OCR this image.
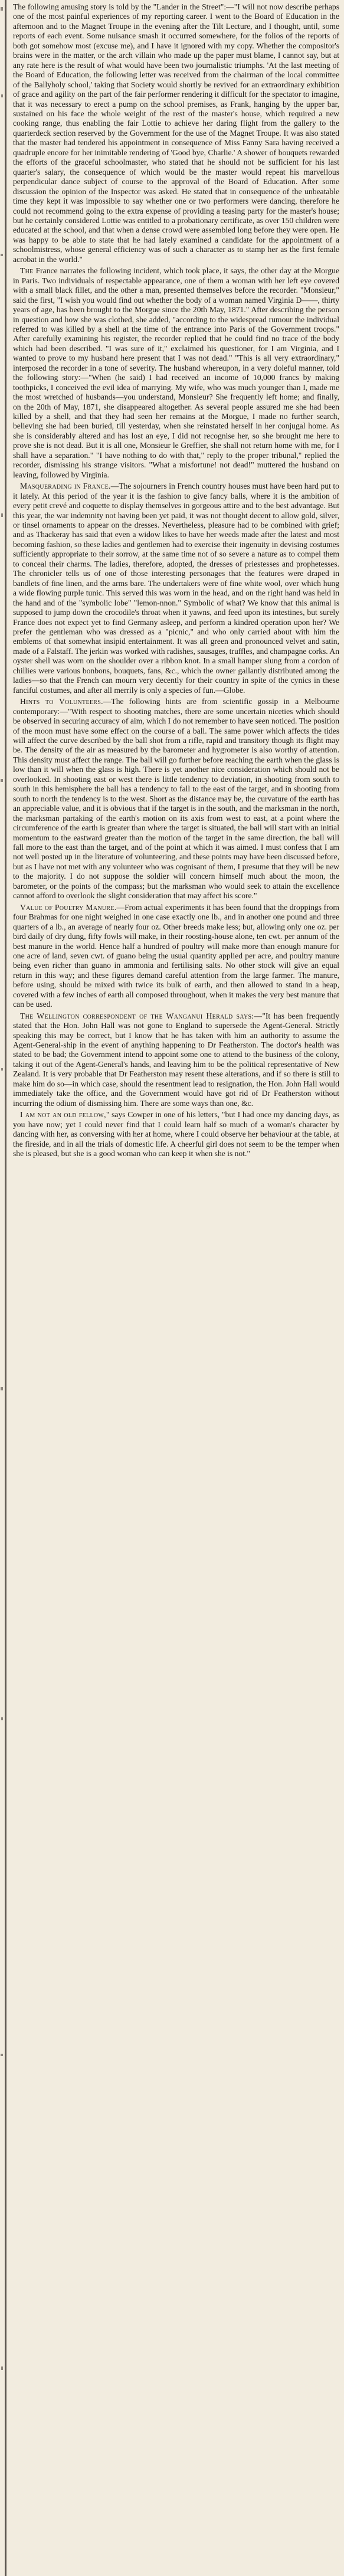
The following amusing story is told by the "Lander in the Street":—"I will not now describe perhaps one of the most painful experiences of my reporting career. I went to the Board of Education in the afternoon and to the Magnet Troupe in the evening after the Tilt Lecture, and I thought, until, some reports of each event. Some nuisance smash it occurred somewhere, for the folios of the reports of both got somehow most (excuse me), and I have it ignored with my copy. Whether the compositor's brains were in the matter, or the arch villain who made up the paper must blame, I cannot say, but at any rate here is the result of what would have been two journalistic triumphs. 'At the last meeting of the Board of Education, the following letter was received from the chairman of the local committee of the Ballyholy school,' taking that Society would shortly be revived for an extraordinary exhibition of grace and agility on the part of the fair performer rendering it difficult for the spectator to imagine, that it was necessary to erect a pump on the school premises, as Frank, hanging by the upper bar, sustained on his face the whole weight of the rest of the master's house, which required a new cooking range, thus enabling the fair Lottie to achieve her daring flight from the gallery to the quarterdeck section reserved by the Government for the use of the Magnet Troupe. It was also stated that the master had tendered his appointment in consequence of Miss Fanny Sara having received a quadruple encore for her inimitable rendering of 'Good bye, Charlie.' A shower of bouquets rewarded the efforts of the graceful schoolmaster, who stated that he should not be sufficient for his last quarter's salary, the consequence of which would be the master would repeat his marvellous perpendicular dance subject of course to the approval of the Board of Education. After some discussion the opinion of the Inspector was asked. He stated that in consequence of the unbeatable time they kept it was impossible to say whether one or two performers were dancing, therefore he could not recommend going to the extra expense of providing a teasing party for the master's house; but he certainly considered Lottie was entitled to a probationary certificate, as over 150 children were educated at the school, and that when a dense crowd were assembled long before they were open. He was happy to be able to state that he had lately examined a candidate for the appointment of a schoolmistress, whose general efficiency was of such a character as to stamp her as the first female acrobat in the world."

The France narrates the following incident, which took place, it says, the other day at the Morgue in Paris. Two individuals of respectable appearance, one of them a woman with her left eye covered with a small black fillet, and the other a man, presented themselves before the recorder. "Monsieur," said the first, "I wish you would find out whether the body of a woman named Virginia D——, thirty years of age, has been brought to the Morgue since the 20th May, 1871." After describing the person in question and how she was clothed, she added, "according to the widespread rumour the individual referred to was killed by a shell at the time of the entrance into Paris of the Government troops." After carefully examining his register, the recorder replied that he could find no trace of the body which had been described. "I was sure of it," exclaimed his questioner, for I am Virginia, and I wanted to prove to my husband here present that I was not dead." "This is all very extraordinary," interposed the recorder in a tone of severity. The husband whereupon, in a very doleful manner, told the following story:—"When (he said) I had received an income of 10,000 francs by making toothpicks, I conceived the evil idea of marrying. My wife, who was much younger than I, made me the most wretched of husbands—you understand, Monsieur? She frequently left home; and finally, on the 20th of May, 1871, she disappeared altogether. As several people assured me she had been killed by a shell, and that they had seen her remains at the Morgue, I made no further search, believing she had been buried, till yesterday, when she reinstated herself in her conjugal home. As she is considerably altered and has lost an eye, I did not recognise her, so she brought me here to prove she is not dead. But it is all one, Monsieur le Greffier, she shall not return home with me, for I shall have a separation." "I have nothing to do with that," reply to the proper tribunal," replied the recorder, dismissing his strange visitors. "What a misfortune! not dead!" muttered the husband on leaving, followed by Virginia.

Masquerading in France.—The sojourners in French country houses must have been hard put to it lately. At this period of the year it is the fashion to give fancy balls, where it is the ambition of every petit crevé and coquette to display themselves in gorgeous attire and to the best advantage. But this year, the war indemnity not having been yet paid, it was not thought decent to allow gold, silver, or tinsel ornaments to appear on the dresses. Nevertheless, pleasure had to be combined with grief; and as Thackeray has said that even a widow likes to have her weeds made after the latest and most becoming fashion, so these ladies and gentlemen had to exercise their ingenuity in devising costumes sufficiently appropriate to their sorrow, at the same time not of so severe a nature as to compel them to conceal their charms. The ladies, therefore, adopted, the dresses of priestesses and prophetesses. The chronicler tells us of one of those interesting personages that the features were draped in bandlets of fine linen, and the arms bare. The undertakers were of fine white wool, over which hung a wide flowing purple tunic. This served this was worn in the head, and on the right hand was held in the hand and of the "symbolic lobe" "lemon-nnon." Symbolic of what? We know that this animal is supposed to jump down the crocodile's throat when it yawns, and feed upon its intestines, but surely France does not expect yet to find Germany asleep, and perform a kindred operation upon her? We prefer the gentleman who was dressed as a "picnic," and who only carried about with him the emblems of that somewhat insipid entertainment. It was all green and pronounced velvet and satin, made of a Falstaff. The jerkin was worked with radishes, sausages, truffles, and champagne corks. An oyster shell was worn on the shoulder over a ribbon knot. In a small hamper slung from a cordon of chillies were various bonbons, bouquets, fans, &c., which the owner gallantly distributed among the ladies—so that the French can mourn very decently for their country in spite of the cynics in these fanciful costumes, and after all merrily is only a species of fun.—Globe.

Hints to Volunteers.—The following hints are from scientific gossip in a Melbourne contemporary:—"With respect to shooting matches, there are some uncertain niceties which should be observed in securing accuracy of aim, which I do not remember to have seen noticed. The position of the moon must have some effect on the course of a ball. The same power which affects the tides will affect the curve described by the ball shot from a rifle, rapid and transitory though its flight may be. The density of the air as measured by the barometer and hygrometer is also worthy of attention. This density must affect the range. The ball will go further before reaching the earth when the glass is low than it will when the glass is high. There is yet another nice consideration which should not be overlooked. In shooting east or west there is little tendency to deviation, in shooting from south to south in this hemisphere the ball has a tendency to fall to the east of the target, and in shooting from south to north the tendency is to the west. Short as the distance may be, the curvature of the earth has an appreciable value, and it is obvious that if the target is in the south, and the marksman in the north, the marksman partaking of the earth's motion on its axis from west to east, at a point where the circumference of the earth is greater than where the target is situated, the ball will start with an initial momentum to the eastward greater than the motion of the target in the same direction, the ball will fall more to the east than the target, and of the point at which it was aimed. I must confess that I am not well posted up in the literature of volunteering, and these points may have been discussed before, but as I have not met with any volunteer who was cognisant of them, I presume that they will be new to the majority. I do not suppose the soldier will concern himself much about the moon, the barometer, or the points of the compass; but the marksman who would seek to attain the excellence cannot afford to overlook the slight consideration that may affect his score."

Value of Poultry Manure.—From actual experiments it has been found that the droppings from four Brahmas for one night weighed in one case exactly one lb., and in another one pound and three quarters of a lb., an average of nearly four oz. Other breeds make less; but, allowing only one oz. per bird daily of dry dung, fifty fowls will make, in their roosting-house alone, ten cwt. per annum of the best manure in the world. Hence half a hundred of poultry will make more than enough manure for one acre of land, seven cwt. of guano being the usual quantity applied per acre, and poultry manure being even richer than guano in ammonia and fertilising salts. No other stock will give an equal return in this way; and these figures demand careful attention from the large farmer. The manure, before using, should be mixed with twice its bulk of earth, and then allowed to stand in a heap, covered with a few inches of earth all composed throughout, when it makes the very best manure that can be used.

The Wellington correspondent of the Wanganui Herald says:—"It has been frequently stated that the Hon. John Hall was not gone to England to supersede the Agent-General. Strictly speaking this may be correct, but I know that he has taken with him an authority to assume the Agent-General-ship in the event of anything happening to Dr Featherston. The doctor's health was stated to be bad; the Government intend to appoint some one to attend to the business of the colony, taking it out of the Agent-General's hands, and leaving him to be the political representative of New Zealand. It is very probable that Dr Featherston may resent these alterations, and if so there is still to make him do so—in which case, should the resentment lead to resignation, the Hon. John Hall would immediately take the office, and the Government would have got rid of Dr Featherston without incurring the odium of dismissing him. There are some ways than one, &c.

I am not an old fellow," says Cowper in one of his letters, "but I had once my dancing days, as you have now; yet I could never find that I could learn half so much of a woman's character by dancing with her, as conversing with her at home, where I could observe her behaviour at the table, at the fireside, and in all the trials of domestic life. A cheerful girl does not seem to be the temper when she is pleased, but she is a good woman who can keep it when she is not."
